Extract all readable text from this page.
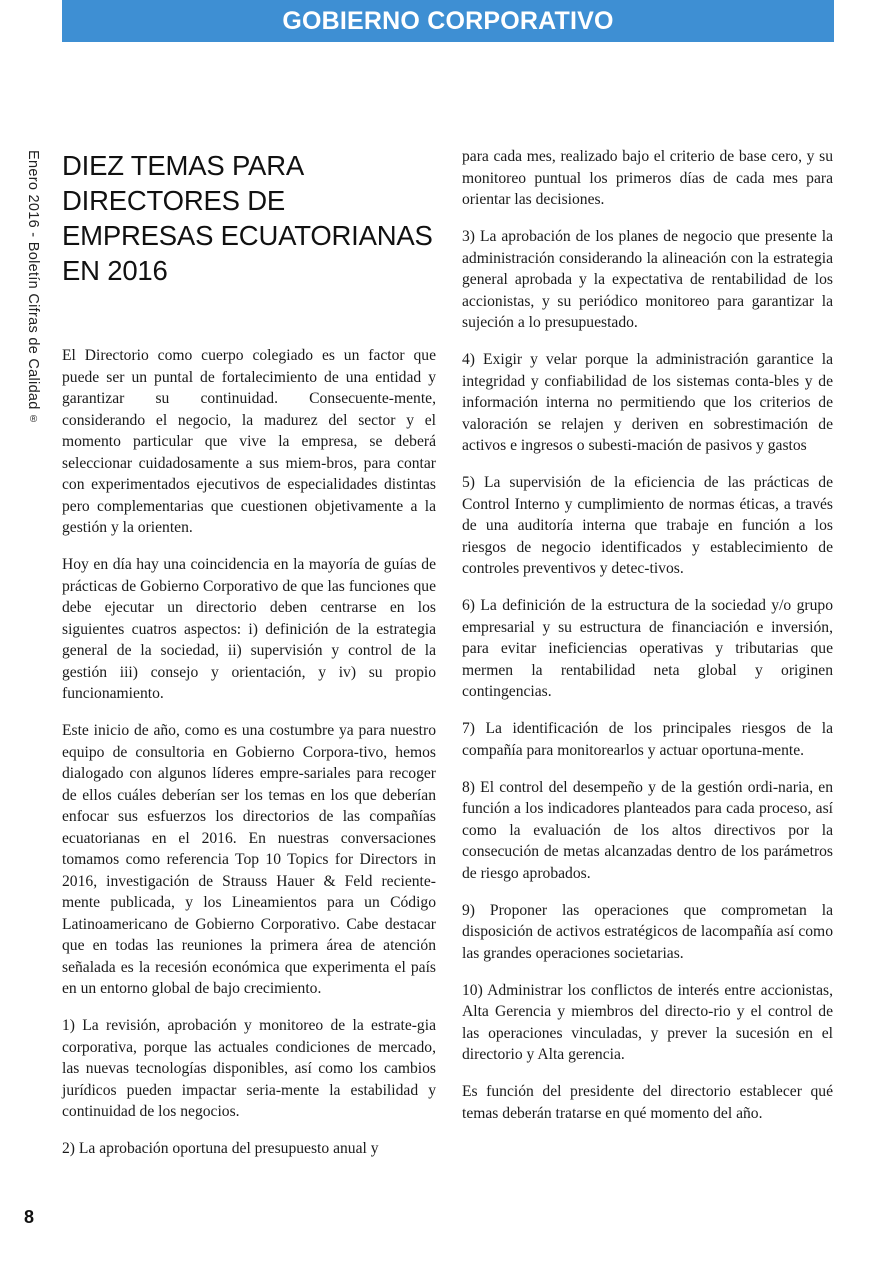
GOBIERNO CORPORATIVO
Enero 2016 - Boletín Cifras de Calidad ®
DIEZ TEMAS PARA DIRECTORES DE EMPRESAS ECUATORIANAS EN 2016

El Directorio como cuerpo colegiado es un factor que puede ser un puntal de fortalecimiento de una entidad y garantizar su continuidad. Consecuente-mente, considerando el negocio, la madurez del sector y el momento particular que vive la empresa, se deberá seleccionar cuidadosamente a sus miem-bros, para contar con experimentados ejecutivos de especialidades distintas pero complementarias que cuestionen objetivamente a la gestión y la orienten.

Hoy en día hay una coincidencia en la mayoría de guías de prácticas de Gobierno Corporativo de que las funciones que debe ejecutar un directorio deben centrarse en los siguientes cuatros aspectos: i) definición de la estrategia general de la sociedad, ii) supervisión y control de la gestión iii) consejo y orientación, y iv) su propio funcionamiento.

Este inicio de año, como es una costumbre ya para nuestro equipo de consultoria en Gobierno Corpora-tivo, hemos dialogado con algunos líderes empre-sariales para recoger de ellos cuáles deberían ser los temas en los que deberían enfocar sus esfuerzos los directorios de las compañías ecuatorianas en el 2016. En nuestras conversaciones tomamos como referencia Top 10 Topics for Directors in 2016, investigación de Strauss Hauer & Feld reciente-mente publicada, y los Lineamientos para un Código Latinoamericano de Gobierno Corporativo. Cabe destacar que en todas las reuniones la primera área de atención señalada es la recesión económica que experimenta el país en un entorno global de bajo crecimiento.

1) La revisión, aprobación y monitoreo de la estrate-gia corporativa, porque las actuales condiciones de mercado, las nuevas tecnologías disponibles, así como los cambios jurídicos pueden impactar seria-mente la estabilidad y continuidad de los negocios.

2) La aprobación oportuna del presupuesto anual y

para cada mes, realizado bajo el criterio de base cero, y su monitoreo puntual los primeros días de cada mes para orientar las decisiones.

3) La aprobación de los planes de negocio que presente la administración considerando la alineación con la estrategia general aprobada y la expectativa de rentabilidad de los accionistas, y su periódico monitoreo para garantizar la sujeción a lo presupuestado.

4) Exigir y velar porque la administración garantice la integridad y confiabilidad de los sistemas conta-bles y de información interna no permitiendo que los criterios de valoración se relajen y deriven en sobrestimación de activos e ingresos o subesti-mación de pasivos y gastos

5) La supervisión de la eficiencia de las prácticas de Control Interno y cumplimiento de normas éticas, a través de una auditoría interna que trabaje en función a los riesgos de negocio identificados y establecimiento de controles preventivos y detec-tivos.

6) La definición de la estructura de la sociedad y/o grupo empresarial y su estructura de financiación e inversión, para evitar ineficiencias operativas y tributarias que mermen la rentabilidad neta global y originen contingencias.

7) La identificación de los principales riesgos de la compañía para monitorearlos y actuar oportuna-mente.

8) El control del desempeño y de la gestión ordi-naria, en función a los indicadores planteados para cada proceso, así como la evaluación de los altos directivos por la consecución de metas alcanzadas dentro de los parámetros de riesgo aprobados.

9) Proponer las operaciones que comprometan la disposición de activos estratégicos de lacompañía así como las grandes operaciones societarias.

10) Administrar los conflictos de interés entre accionistas, Alta Gerencia y miembros del directo-rio y el control de las operaciones vinculadas, y prever la sucesión en el directorio y Alta gerencia.

Es función del presidente del directorio establecer qué temas deberán tratarse en qué momento del año.

8
